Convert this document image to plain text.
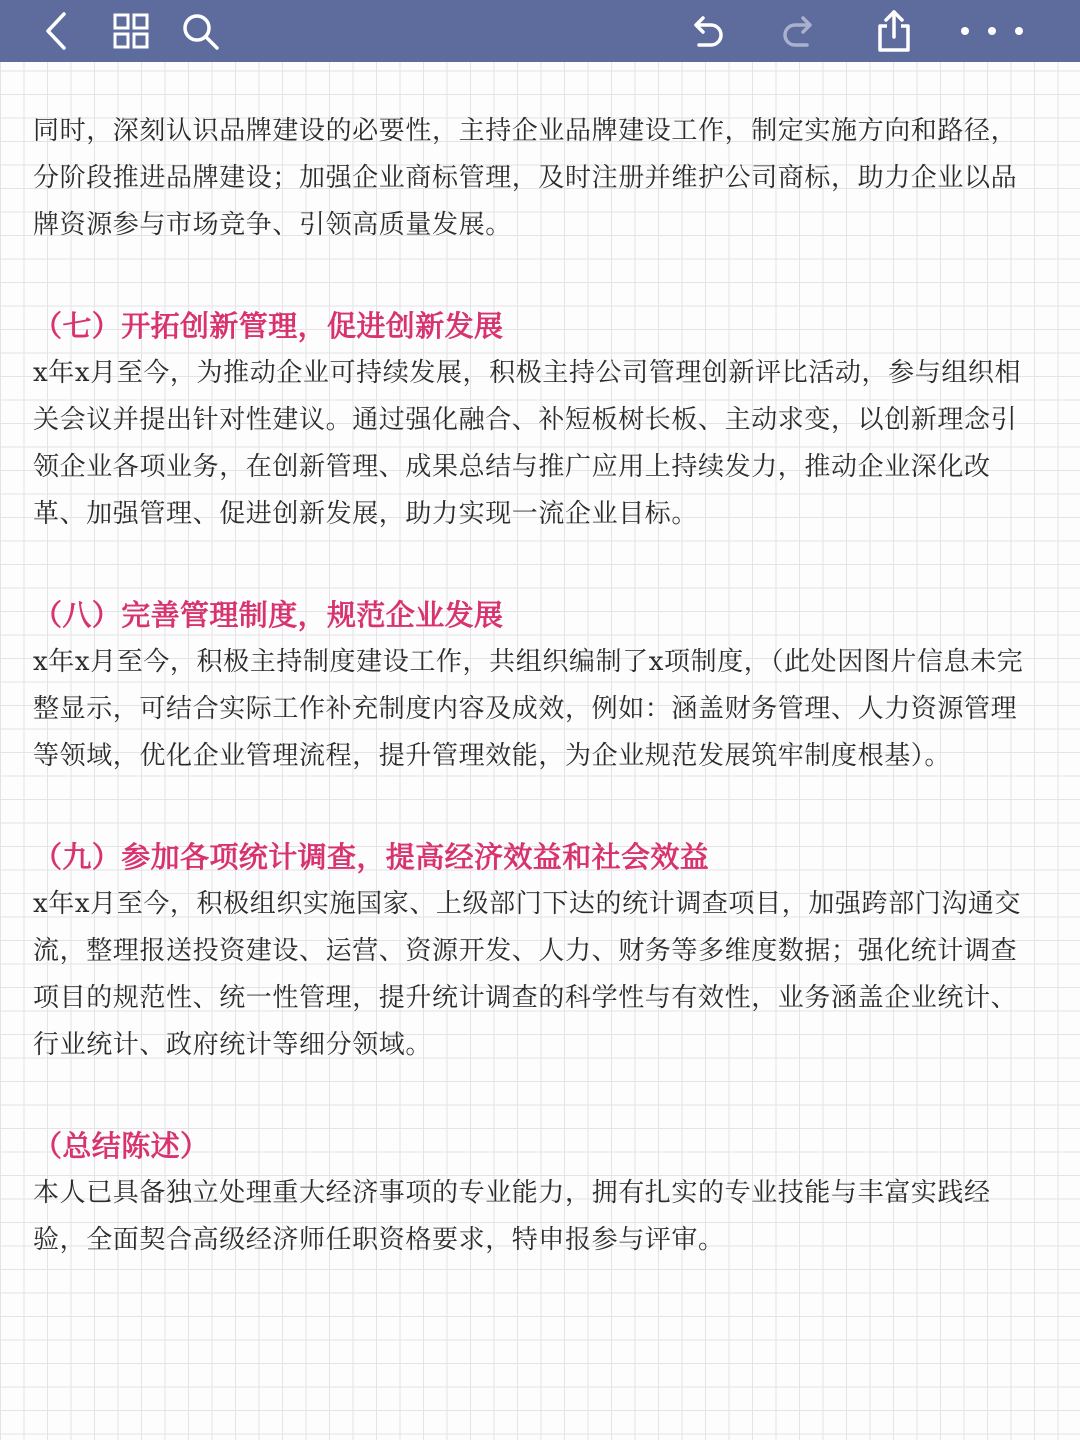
同时，深刻认识品牌建设的必要性，主持企业品牌建设工作，制定实施方向和路径，分阶段推进品牌建设；加强企业商标管理，及时注册并维护公司商标，助力企业以品牌资源参与市场竞争、引领高质量发展。

（七）开拓创新管理，促进创新发展

x年x月至今，为推动企业可持续发展，积极主持公司管理创新评比活动，参与组织相关会议并提出针对性建议。通过强化融合、补短板树长板、主动求变，以创新理念引领企业各项业务，在创新管理、成果总结与推广应用上持续发力，推动企业深化改革、加强管理、促进创新发展，助力实现一流企业目标。

（八）完善管理制度，规范企业发展

x年x月至今，积极主持制度建设工作，共组织编制了x项制度，（此处因图片信息未完整显示，可结合实际工作补充制度内容及成效，例如：涵盖财务管理、人力资源管理等领域，优化企业管理流程，提升管理效能，为企业规范发展筑牢制度根基）。

（九）参加各项统计调查，提高经济效益和社会效益

x年x月至今，积极组织实施国家、上级部门下达的统计调查项目，加强跨部门沟通交流，整理报送投资建设、运营、资源开发、人力、财务等多维度数据；强化统计调查项目的规范性、统一性管理，提升统计调查的科学性与有效性，业务涵盖企业统计、行业统计、政府统计等细分领域。

（总结陈述）

本人已具备独立处理重大经济事项的专业能力，拥有扎实的专业技能与丰富实践经验，全面契合高级经济师任职资格要求，特申报参与评审。
